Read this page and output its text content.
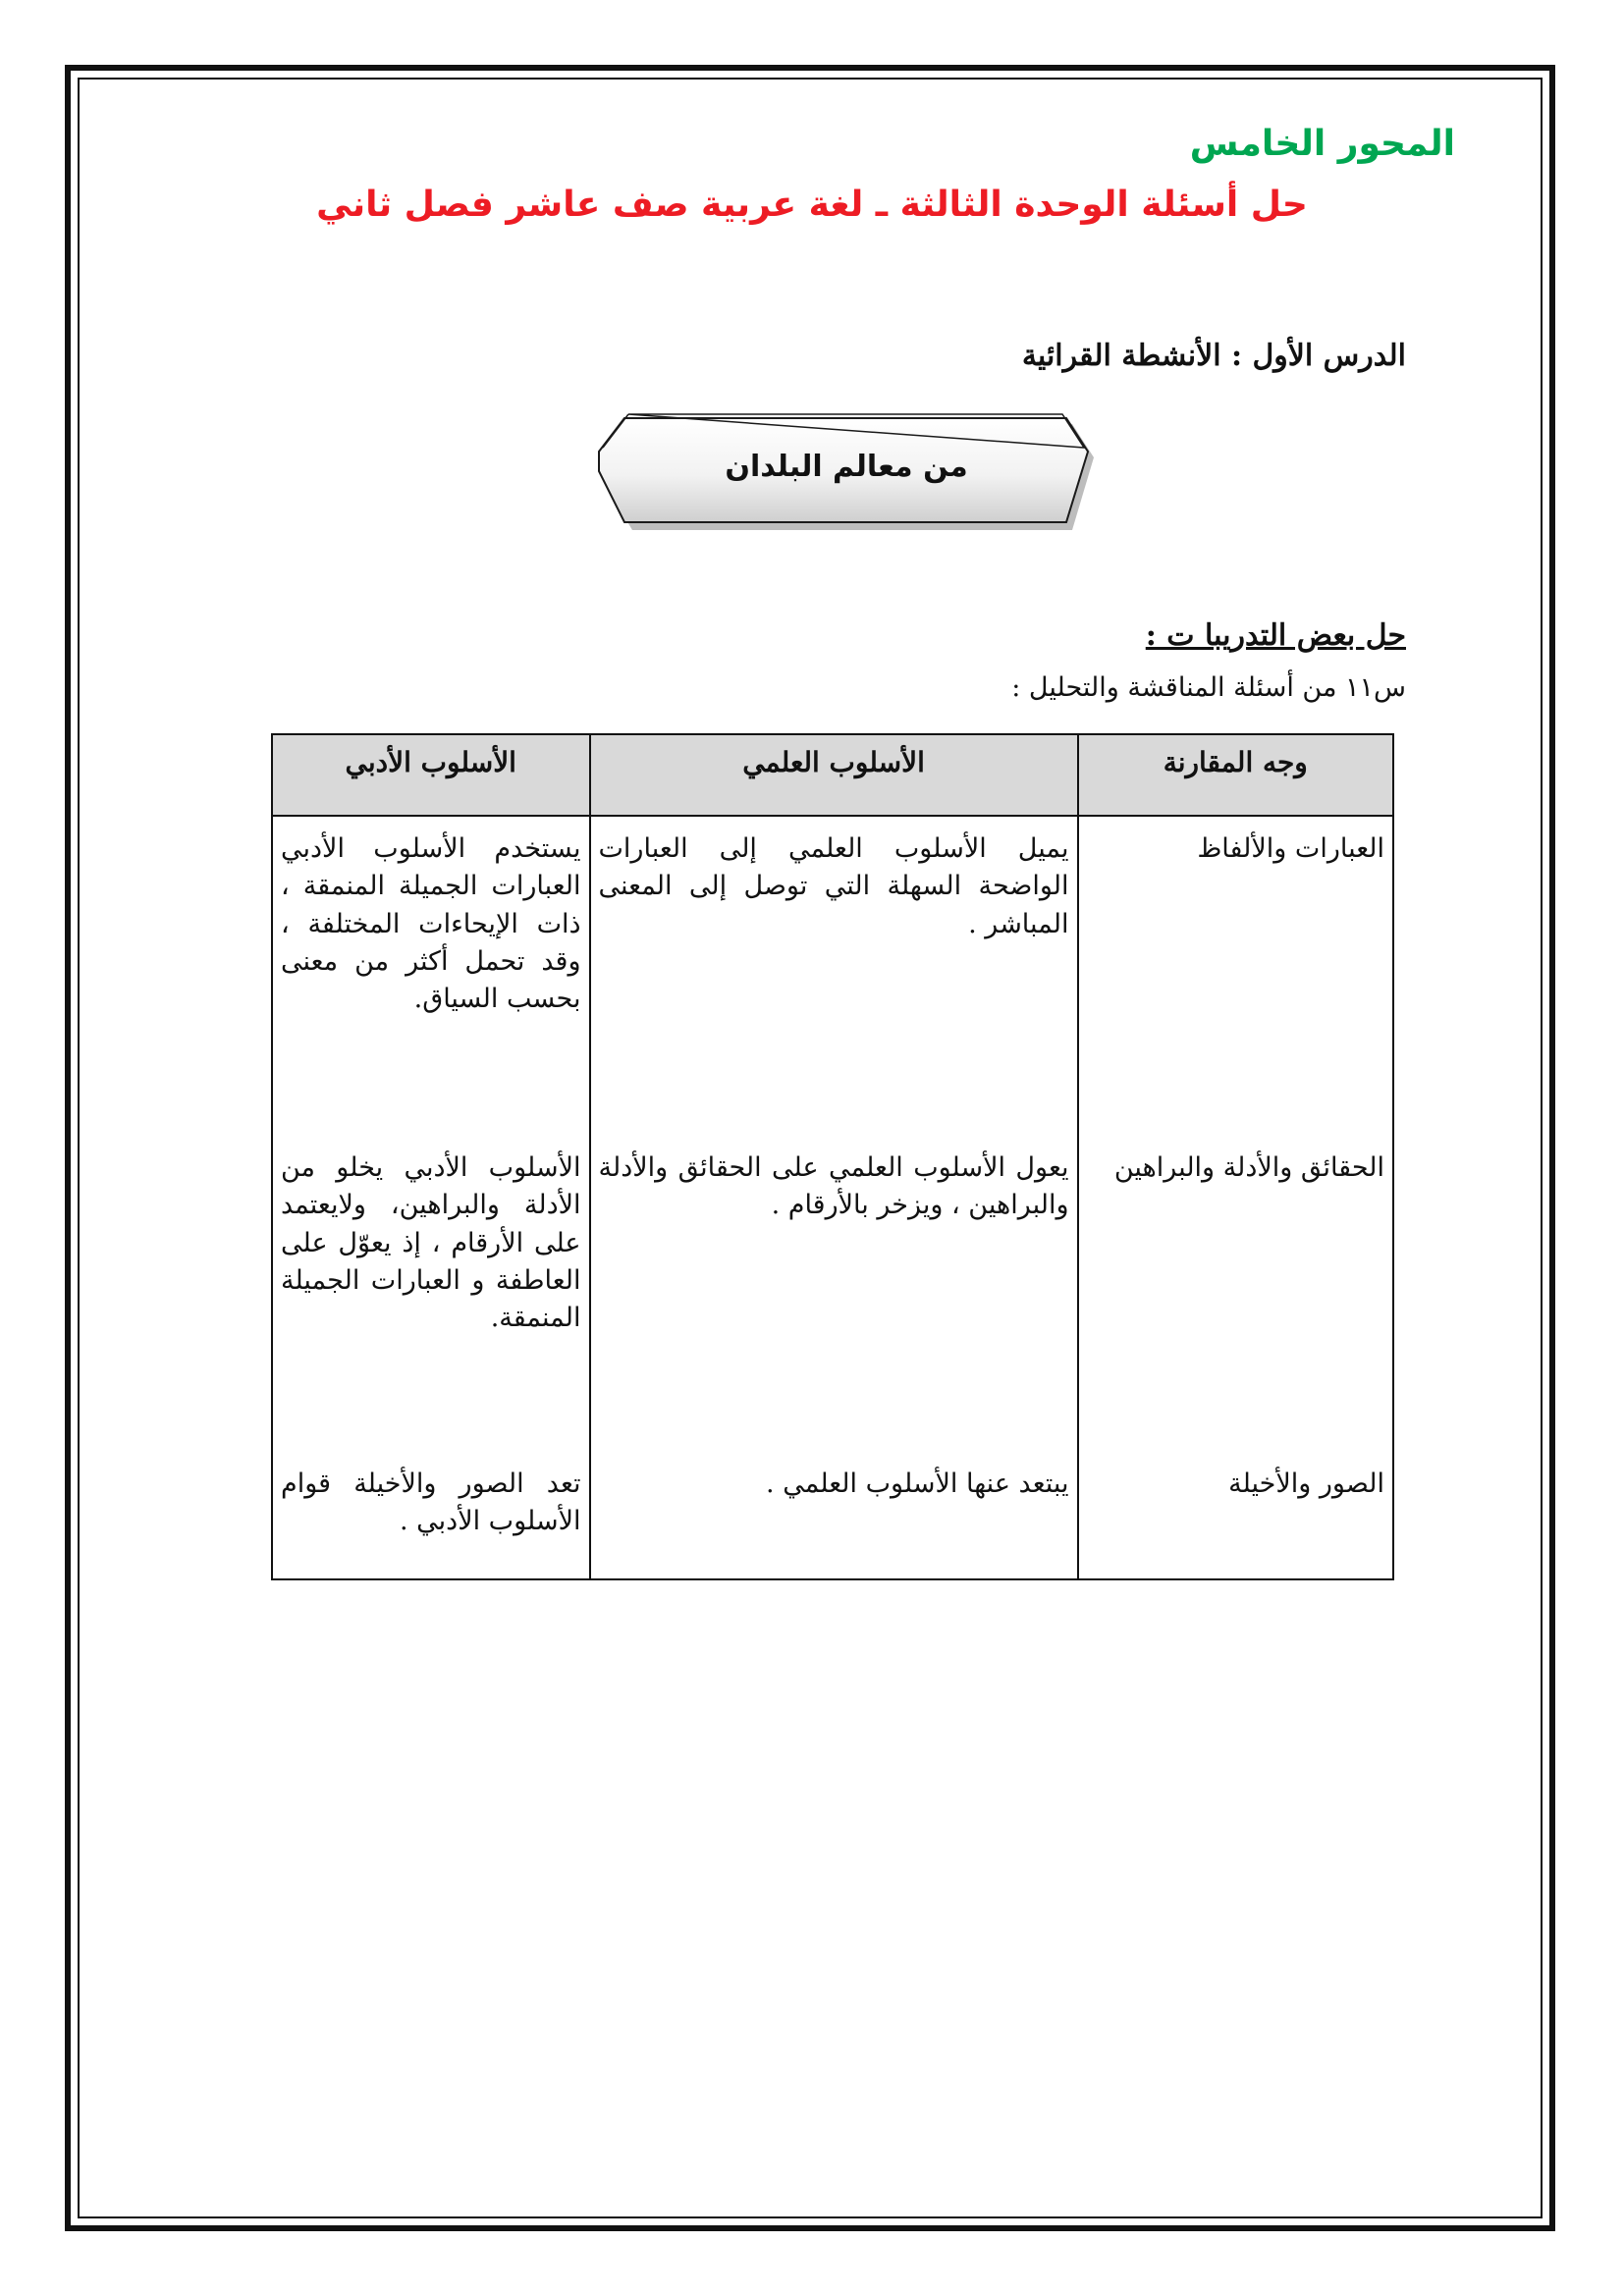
المحور الخامس
حل أسئلة الوحدة الثالثة ـ لغة عربية صف عاشر فصل ثاني
الدرس الأول : الأنشطة القرائية
من معالم البلدان
حل بعض التدريبا ت :
س١١ من أسئلة المناقشة والتحليل :
وجه المقارنة	الأسلوب العلمي	الأسلوب الأدبي
العبارات والألفاظ	يميل الأسلوب العلمي إلى العبارات الواضحة السهلة التي توصل إلى المعنى المباشر .	يستخدم الأسلوب الأدبي العبارات الجميلة المنمقة ، ذات الإيحاءات المختلفة ، وقد تحمل أكثر من معنى بحسب السياق.
الحقائق والأدلة والبراهين	يعول الأسلوب العلمي على الحقائق والأدلة والبراهين ، ويزخر بالأرقام .	الأسلوب الأدبي يخلو من الأدلة والبراهين، ولايعتمد على الأرقام ، إذ يعوّل على العاطفة و العبارات الجميلة المنمقة.
الصور والأخيلة	يبتعد عنها الأسلوب العلمي .	تعد الصور والأخيلة قوام الأسلوب الأدبي .
